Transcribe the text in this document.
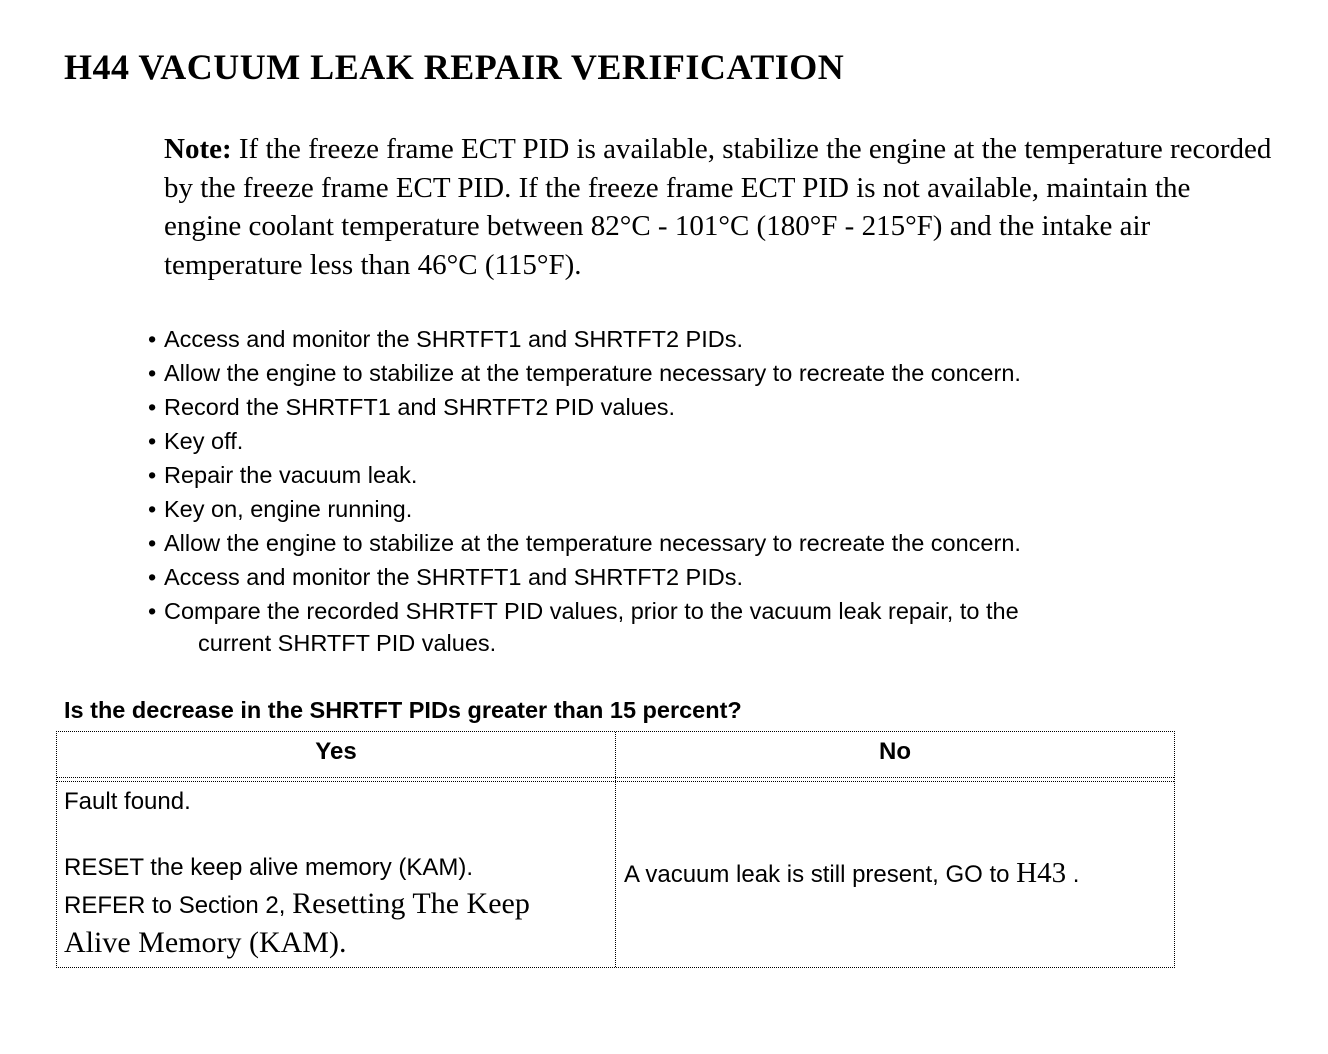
H44 VACUUM LEAK REPAIR VERIFICATION
Note: If the freeze frame ECT PID is available, stabilize the engine at the temperature recorded by the freeze frame ECT PID. If the freeze frame ECT PID is not available, maintain the engine coolant temperature between 82°C - 101°C (180°F - 215°F) and the intake air temperature less than 46°C (115°F).
• Access and monitor the SHRTFT1 and SHRTFT2 PIDs.
• Allow the engine to stabilize at the temperature necessary to recreate the concern.
• Record the SHRTFT1 and SHRTFT2 PID values.
• Key off.
• Repair the vacuum leak.
• Key on, engine running.
• Allow the engine to stabilize at the temperature necessary to recreate the concern.
• Access and monitor the SHRTFT1 and SHRTFT2 PIDs.
• Compare the recorded SHRTFT PID values, prior to the vacuum leak repair, to the
current SHRTFT PID values.
Is the decrease in the SHRTFT PIDs greater than 15 percent?
Yes	No

Fault found.

RESET the keep alive memory (KAM).

REFER to Section 2, Resetting The Keep

Alive Memory (KAM).

A vacuum leak is still present, GO to H43 .
